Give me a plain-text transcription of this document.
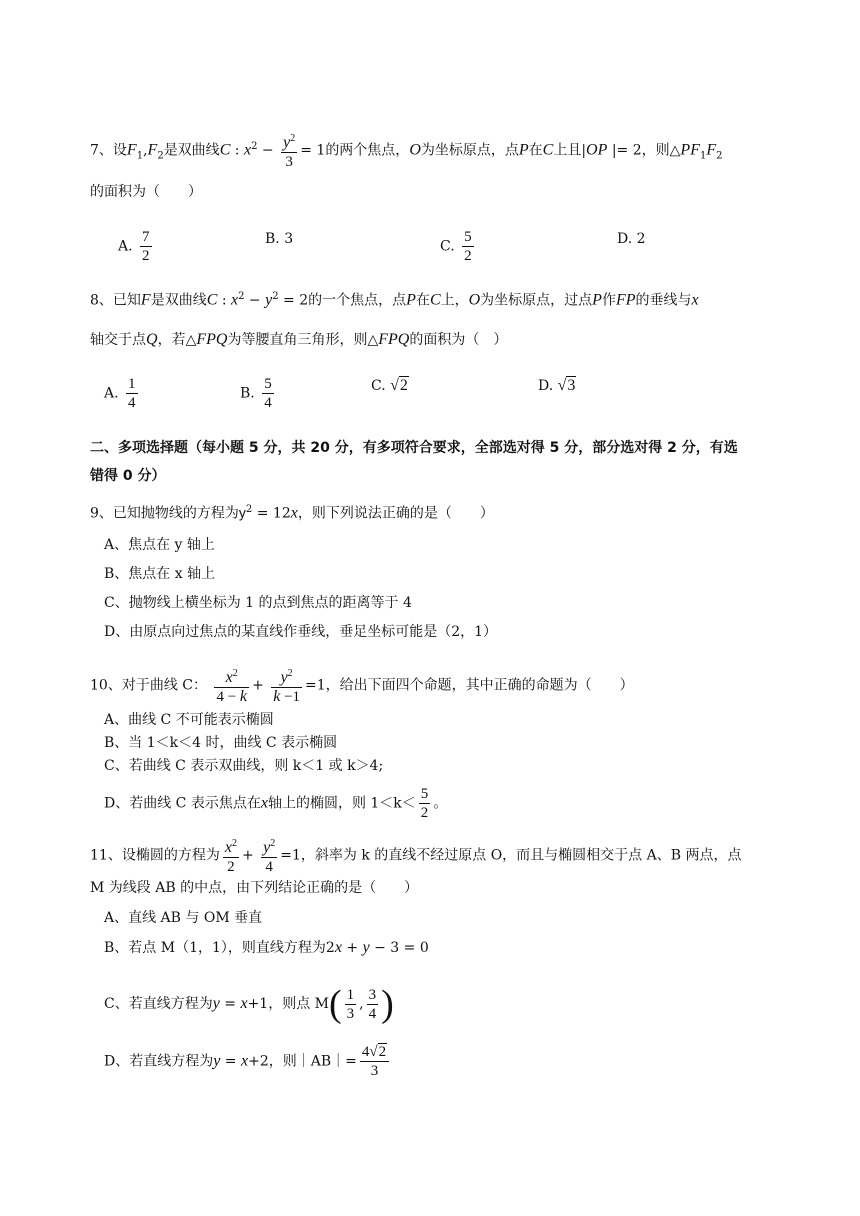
7、设$F_1,F_2$是双曲线C : $x^2 - \frac{y^2}{3} = 1$的两个焦点，O为坐标原点，点P在C上且|OP |= 2，则$\triangle PF_1F_2$
的面积为（　　）
A. $\frac{7}{2}$	B. 3	C. $\frac{5}{2}$	D. 2
8、已知F是双曲线C : $x^2 - y^2 = 2$的一个焦点，点P在C上，O为坐标原点，过点P作FP的垂线与x
轴交于点Q，若△FPQ为等腰直角三角形，则△FPQ的面积为（　）
A. $\frac{1}{4}$	B. $\frac{5}{4}$	C. √2	D. √3
二、多项选择题（每小题 5 分，共 20 分，有多项符合要求，全部选对得 5 分，部分选对得 2 分，有选
错得 0 分）
9、已知抛物线的方程为$y^2 = 12x$，则下列说法正确的是（　　）
A、焦点在 y 轴上
B、焦点在 x 轴上
C、抛物线上横坐标为 1 的点到焦点的距离等于 4
D、由原点向过焦点的某直线作垂线，垂足坐标可能是（2，1）
10、对于曲线 C： $\frac{x^2}{4 - k} + \frac{y^2}{k -1} =1$，给出下面四个命题，其中正确的命题为（　　）
A、曲线 C 不可能表示椭圆
B、当 1＜k＜4 时，曲线 C 表示椭圆
C、若曲线 C 表示双曲线，则 k＜1 或 k＞4;
D、若曲线 C 表示焦点在x轴上的椭圆，则 $1<k< \frac{5}{2}$ 。
11、设椭圆的方程为 $\frac{x^2}{2} + \frac{y^2}{4} =1$，斜率为 k 的直线不经过原点 O，而且与椭圆相交于点 A、B 两点，点
M 为线段 AB 的中点，由下列结论正确的是（　　）
A、直线 AB 与 OM 垂直
B、若点 M（1，1），则直线方程为2x + y − 3 = 0
C、若直线方程为y = x+1，则点 $M( \frac{1}{3}$ , $\frac{3}{4}$ )
D、若直线方程为y = x+2，则｜AB｜= $\frac{4√2}{3}$
